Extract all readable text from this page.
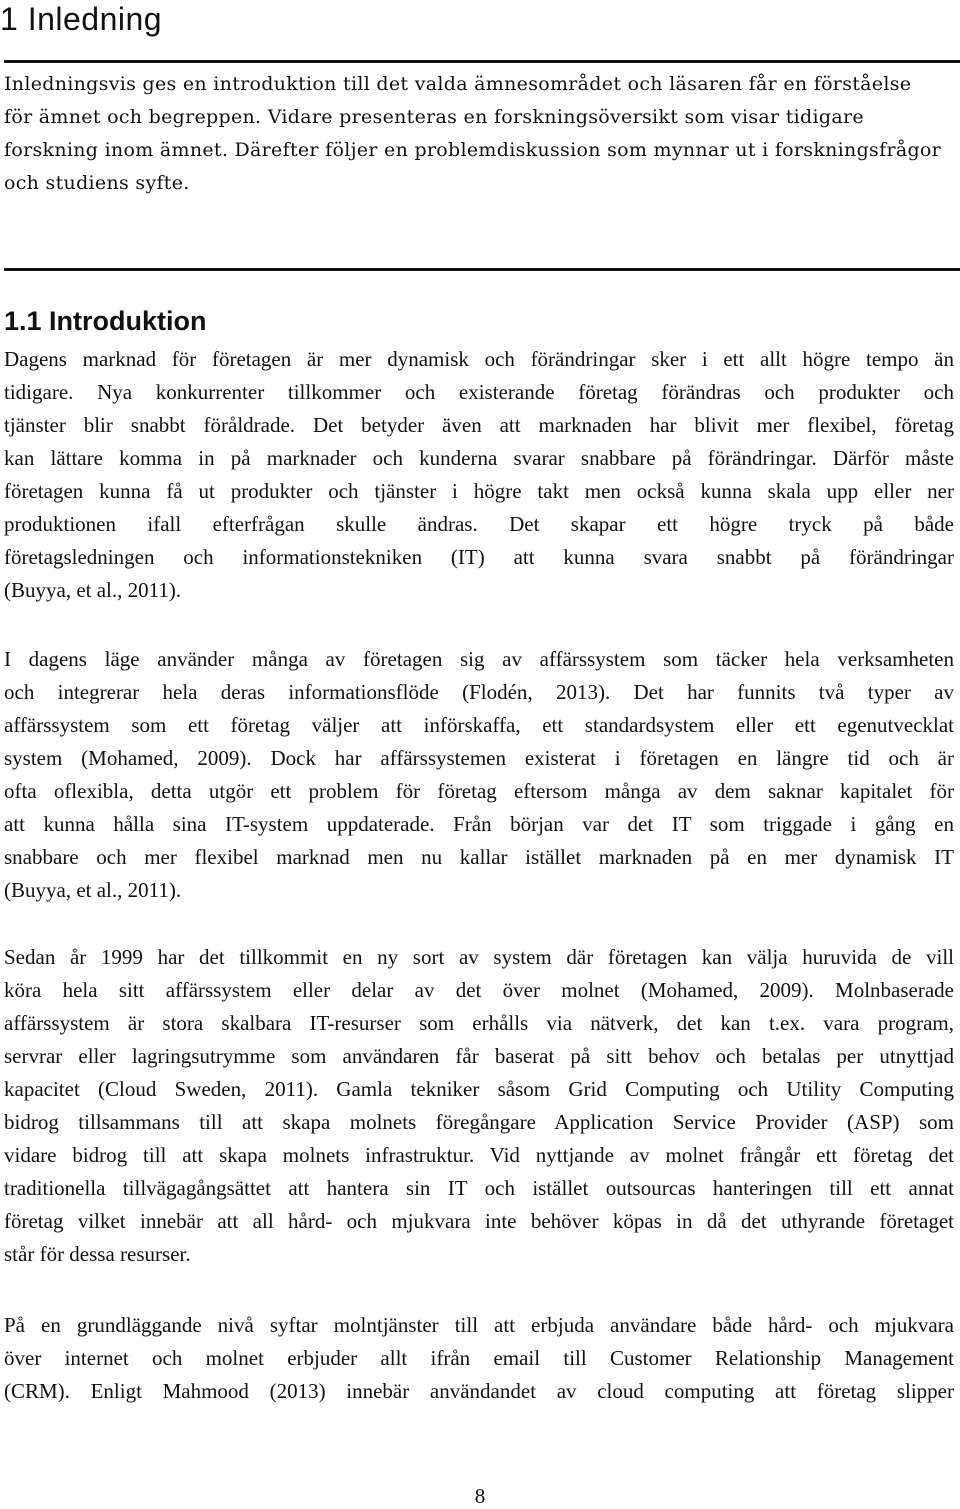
1 Inledning

Inledningsvis ges en introduktion till det valda ämnesområdet och läsaren får en förståelse
för ämnet och begreppen. Vidare presenteras en forskningsöversikt som visar tidigare
forskning inom ämnet. Därefter följer en problemdiskussion som mynnar ut i forskningsfrågor
och studiens syfte.

1.1 Introduktion

Dagens marknad för företagen är mer dynamisk och förändringar sker i ett allt högre tempo än
tidigare. Nya konkurrenter tillkommer och existerande företag förändras och produkter och
tjänster blir snabbt föråldrade. Det betyder även att marknaden har blivit mer flexibel, företag
kan lättare komma in på marknader och kunderna svarar snabbare på förändringar. Därför måste
företagen kunna få ut produkter och tjänster i högre takt men också kunna skala upp eller ner
produktionen ifall efterfrågan skulle ändras. Det skapar ett högre tryck på både
företagsledningen och informationstekniken (IT) att kunna svara snabbt på förändringar
(Buyya, et al., 2011).

I dagens läge använder många av företagen sig av affärssystem som täcker hela verksamheten
och integrerar hela deras informationsflöde (Flodén, 2013). Det har funnits två typer av
affärssystem som ett företag väljer att införskaffa, ett standardsystem eller ett egenutvecklat
system (Mohamed, 2009). Dock har affärssystemen existerat i företagen en längre tid och är
ofta oflexibla, detta utgör ett problem för företag eftersom många av dem saknar kapitalet för
att kunna hålla sina IT-system uppdaterade. Från början var det IT som triggade i gång en
snabbare och mer flexibel marknad men nu kallar istället marknaden på en mer dynamisk IT
(Buyya, et al., 2011).

Sedan år 1999 har det tillkommit en ny sort av system där företagen kan välja huruvida de vill
köra hela sitt affärssystem eller delar av det över molnet (Mohamed, 2009). Molnbaserade
affärssystem är stora skalbara IT-resurser som erhålls via nätverk, det kan t.ex. vara program,
servrar eller lagringsutrymme som användaren får baserat på sitt behov och betalas per utnyttjad
kapacitet (Cloud Sweden, 2011). Gamla tekniker såsom Grid Computing och Utility Computing
bidrog tillsammans till att skapa molnets föregångare Application Service Provider (ASP) som
vidare bidrog till att skapa molnets infrastruktur. Vid nyttjande av molnet frångår ett företag det
traditionella tillvägagångsättet att hantera sin IT och istället outsourcas hanteringen till ett annat
företag vilket innebär att all hård- och mjukvara inte behöver köpas in då det uthyrande företaget
står för dessa resurser.

På en grundläggande nivå syftar molntjänster till att erbjuda användare både hård- och mjukvara
över internet och molnet erbjuder allt ifrån email till Customer Relationship Management
(CRM). Enligt Mahmood (2013) innebär användandet av cloud computing att företag slipper

8
